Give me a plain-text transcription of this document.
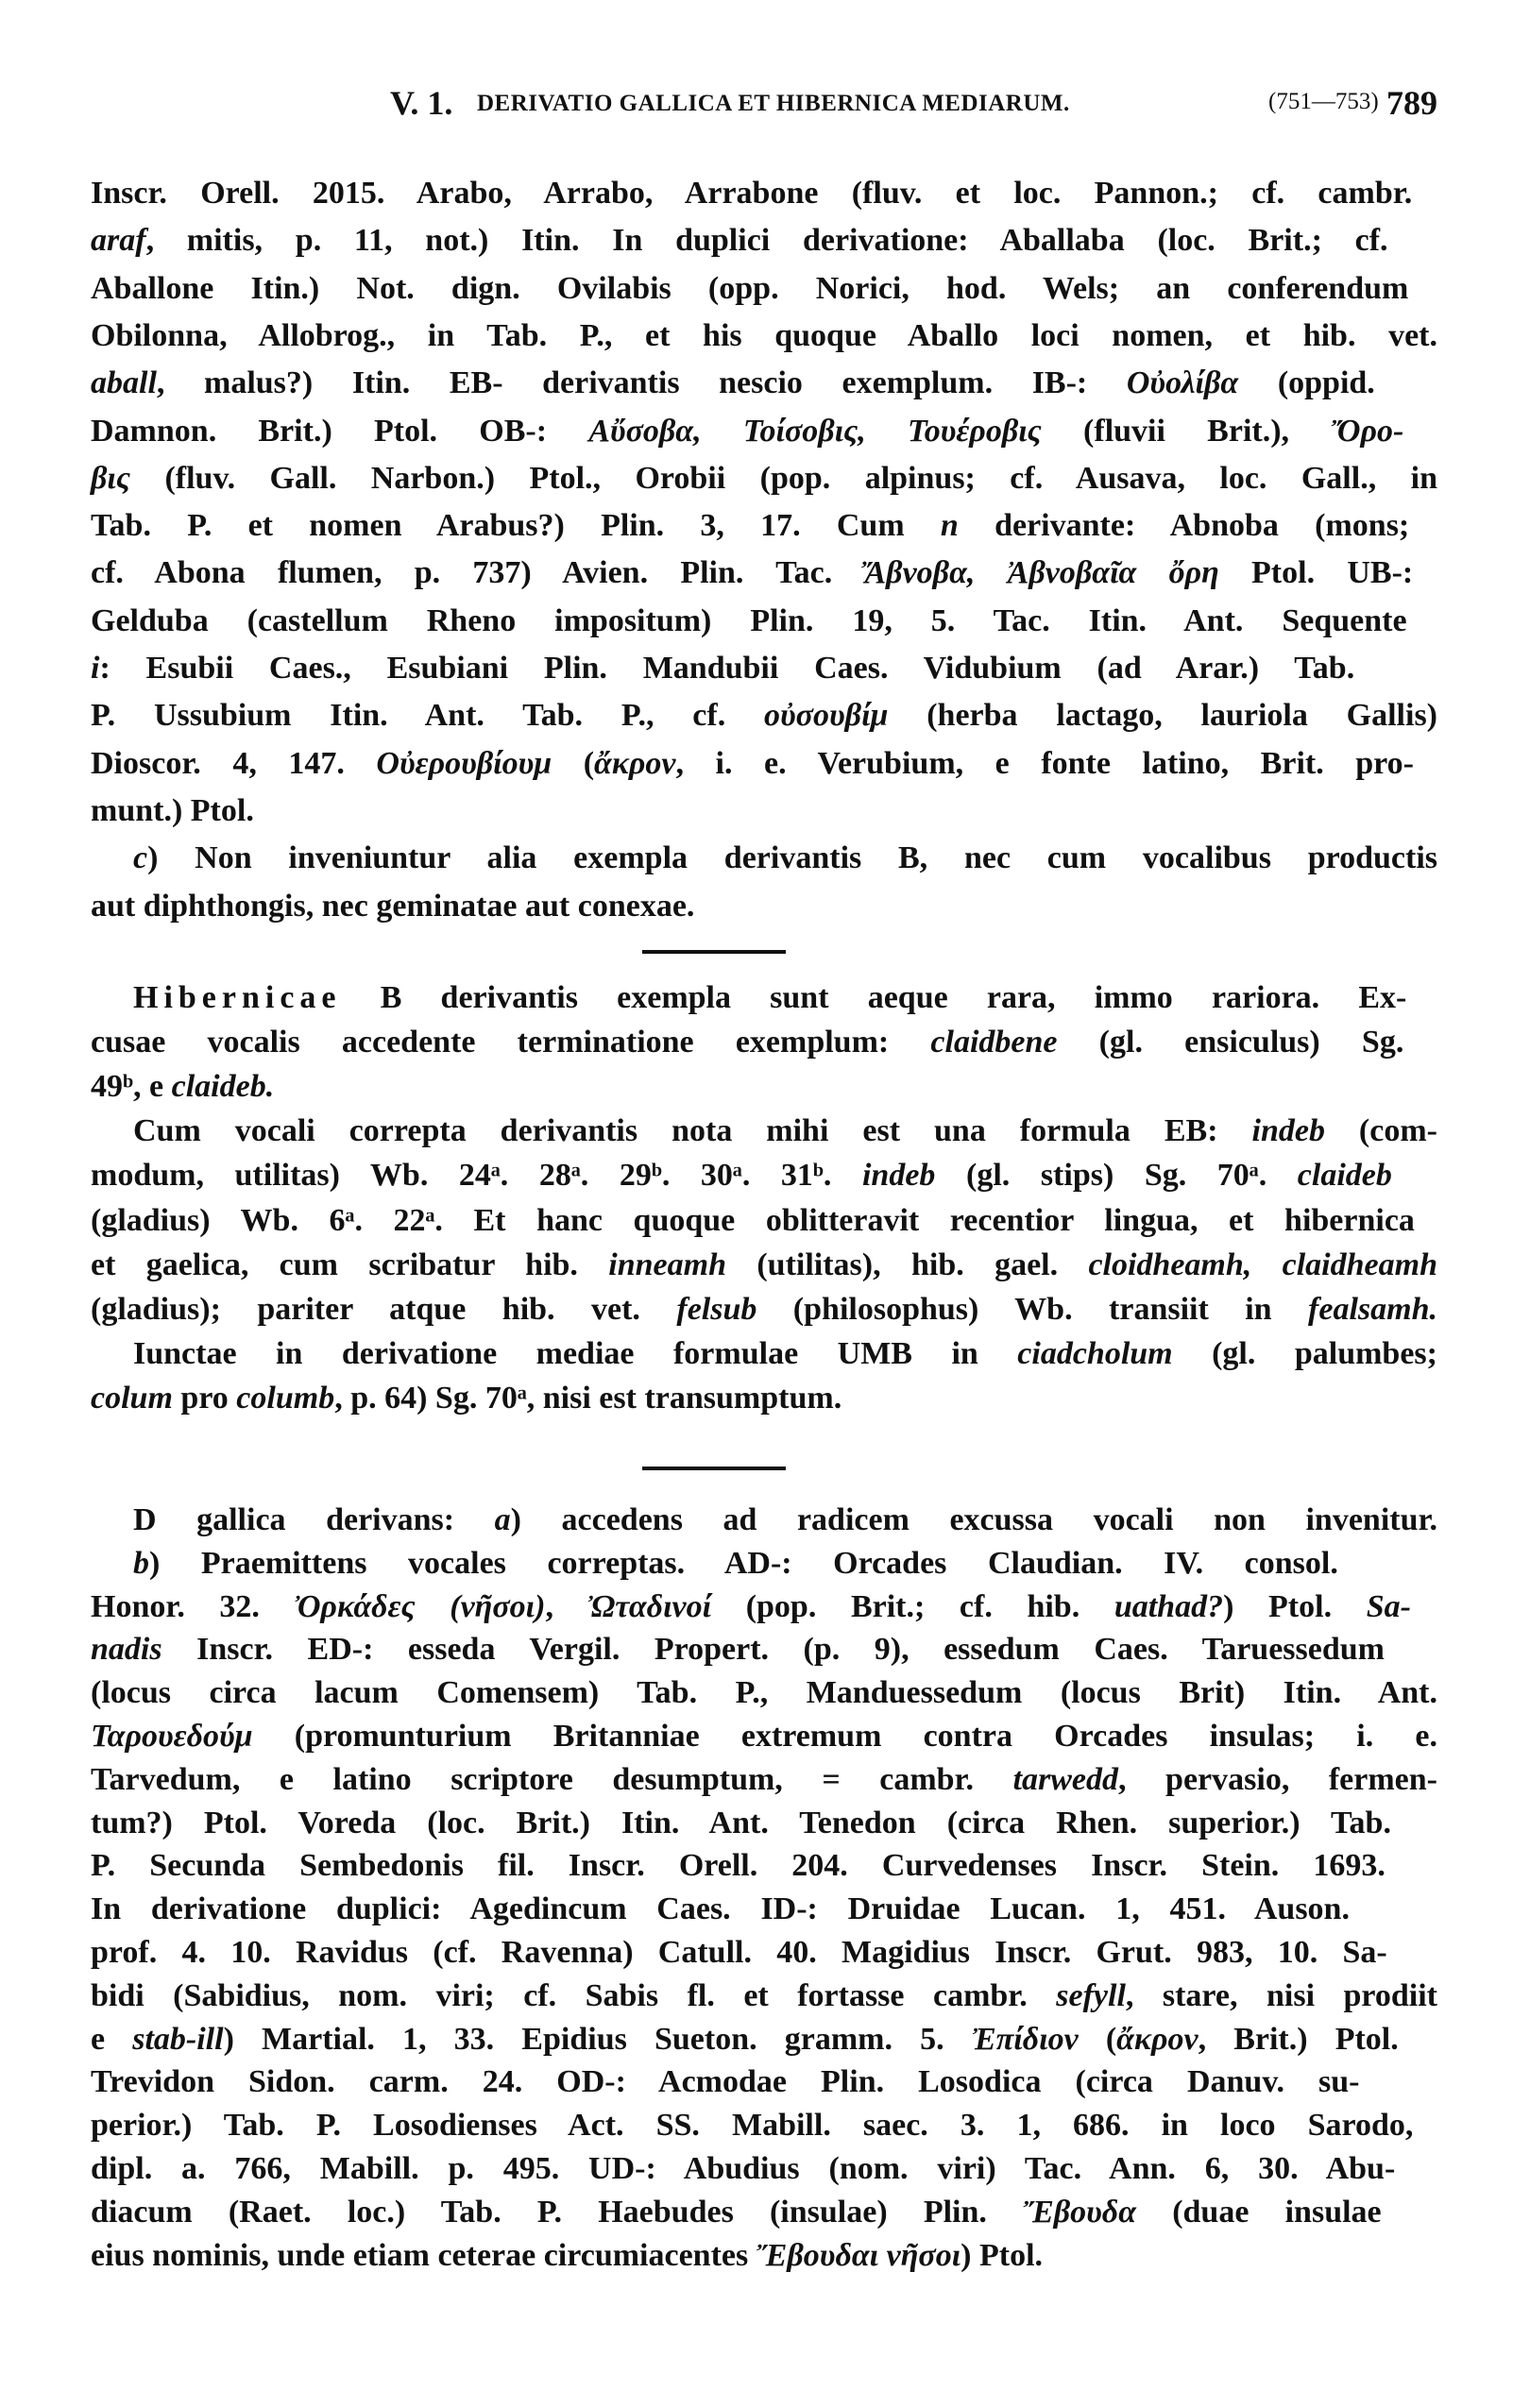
V. 1. DERIVATIO GALLICA ET HIBERNICA MEDIARUM.	(751—753) 789
Inscr. Orell. 2015. Arabo, Arrabo, Arrabone (fluv. et loc. Pannon.; cf. cambr.
araf, mitis, p. 11, not.) Itin. In duplici derivatione: Aballaba (loc. Brit.; cf.
Aballone Itin.) Not. dign. Ovilabis (opp. Norici, hod. Wels; an conferendum
Obilonna, Allobrog., in Tab. P., et his quoque Aballo loci nomen, et hib. vet.
aball, malus?) Itin. EB- derivantis nescio exemplum. IB-: Οὐολίβα (oppid.
Damnon. Brit.) Ptol. OB-: Αὔσοβα, Τοίσοβις, Τουέροβις (fluvii Brit.), Ὄρο-
βις (fluv. Gall. Narbon.) Ptol., Orobii (pop. alpinus; cf. Ausava, loc. Gall., in
Tab. P. et nomen Arabus?) Plin. 3, 17. Cum n derivante: Abnoba (mons;
cf. Abona flumen, p. 737) Avien. Plin. Tac. Ἄβνοβα, Ἀβνοβαῖα ὄρη Ptol. UB-:
Gelduba (castellum Rheno impositum) Plin. 19, 5. Tac. Itin. Ant. Sequente
i: Esubii Caes., Esubiani Plin. Mandubii Caes. Vidubium (ad Arar.) Tab.
P. Ussubium Itin. Ant. Tab. P., cf. οὐσουβίμ (herba lactago, lauriola Gallis)
Dioscor. 4, 147. Οὐερουβίουμ (ἄκρον, i. e. Verubium, e fonte latino, Brit. pro-
munt.) Ptol.
c) Non inveniuntur alia exempla derivantis B, nec cum vocalibus productis
aut diphthongis, nec geminatae aut conexae.
Hibernicae B derivantis exempla sunt aeque rara, immo rariora. Ex-
cusae vocalis accedente terminatione exemplum: claidbene (gl. ensiculus) Sg.
49ᵇ, e claideb.
Cum vocali correpta derivantis nota mihi est una formula EB: indeb (com-
modum, utilitas) Wb. 24ᵃ. 28ᵃ. 29ᵇ. 30ᵃ. 31ᵇ. indeb (gl. stips) Sg. 70ᵃ. claideb
(gladius) Wb. 6ᵃ. 22ᵃ. Et hanc quoque oblitteravit recentior lingua, et hibernica
et gaelica, cum scribatur hib. inneamh (utilitas), hib. gael. cloidheamh, claidheamh
(gladius); pariter atque hib. vet. felsub (philosophus) Wb. transiit in fealsamh.
Iunctae in derivatione mediae formulae UMB in ciadcholum (gl. palumbes;
colum pro columb, p. 64) Sg. 70ᵃ, nisi est transumptum.
D gallica derivans: a) accedens ad radicem excussa vocali non invenitur.
b) Praemittens vocales correptas. AD-: Orcades Claudian. IV. consol.
Honor. 32. Ὀρκάδες (νῆσοι), Ὠταδινοί (pop. Brit.; cf. hib. uathad?) Ptol. Sa-
nadis Inscr. ED-: esseda Vergil. Propert. (p. 9), essedum Caes. Taruessedum
(locus circa lacum Comensem) Tab. P., Manduessedum (locus Brit) Itin. Ant.
Ταρουεδούμ (promunturium Britanniae extremum contra Orcades insulas; i. e.
Tarvedum, e latino scriptore desumptum, = cambr. tarwedd, pervasio, fermen-
tum?) Ptol. Voreda (loc. Brit.) Itin. Ant. Tenedon (circa Rhen. superior.) Tab.
P. Secunda Sembedonis fil. Inscr. Orell. 204. Curvedenses Inscr. Stein. 1693.
In derivatione duplici: Agedincum Caes. ID-: Druidae Lucan. 1, 451. Auson.
prof. 4. 10. Ravidus (cf. Ravenna) Catull. 40. Magidius Inscr. Grut. 983, 10. Sa-
bidi (Sabidius, nom. viri; cf. Sabis fl. et fortasse cambr. sefyll, stare, nisi prodiit
e stab-ill) Martial. 1, 33. Epidius Sueton. gramm. 5. Ἐπίδιον (ἄκρον, Brit.) Ptol.
Trevidon Sidon. carm. 24. OD-: Acmodae Plin. Losodica (circa Danuv. su-
perior.) Tab. P. Losodienses Act. SS. Mabill. saec. 3. 1, 686. in loco Sarodo,
dipl. a. 766, Mabill. p. 495. UD-: Abudius (nom. viri) Tac. Ann. 6, 30. Abu-
diacum (Raet. loc.) Tab. P. Haebudes (insulae) Plin. Ἔβουδα (duae insulae
eius nominis, unde etiam ceterae circumiacentes Ἔβουδαι νῆσοι) Ptol.
